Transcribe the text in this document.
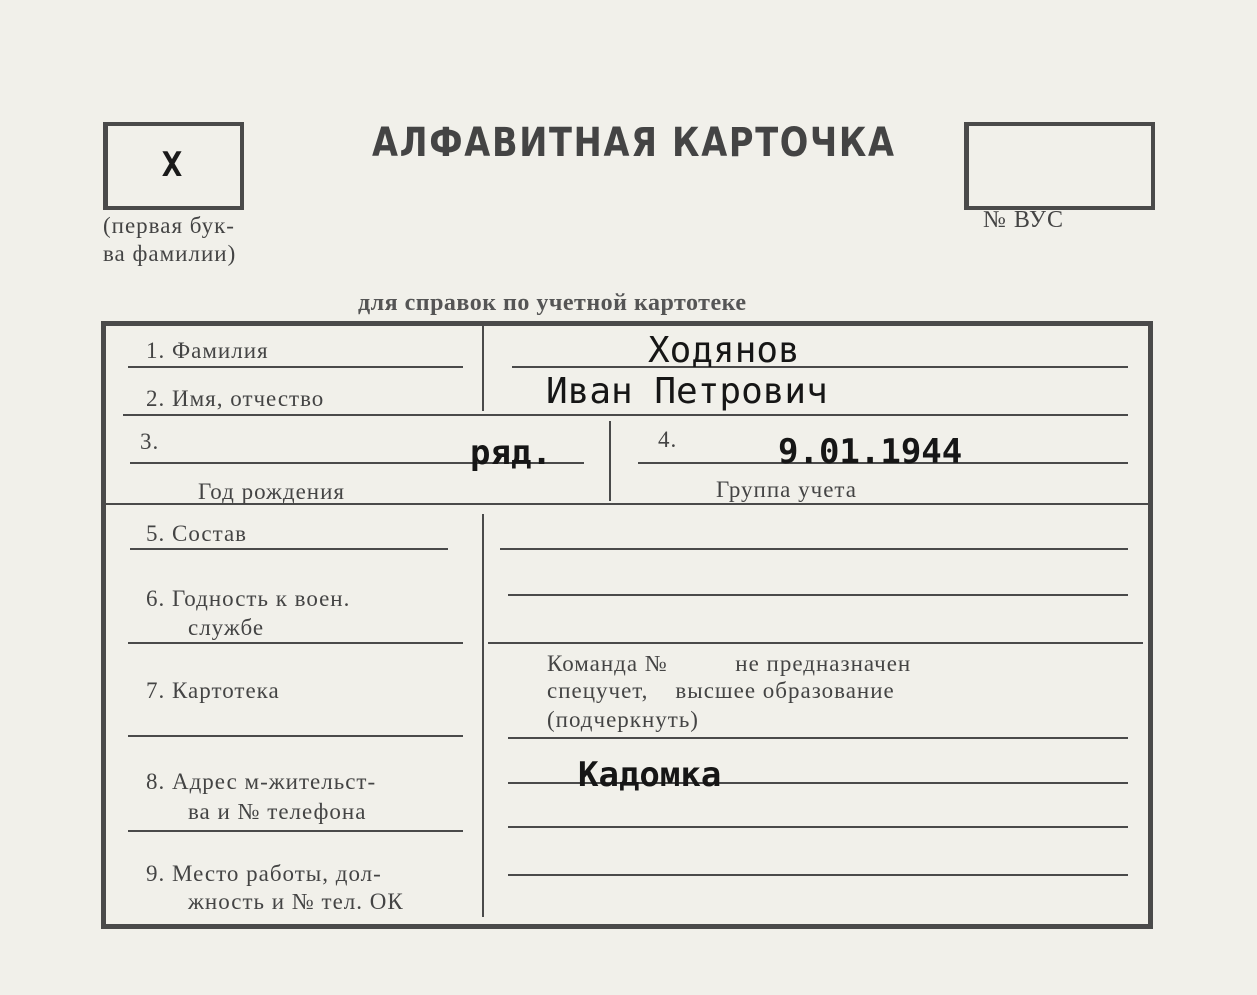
Х
(первая бук-
ва фамилии)
АЛФАВИТНАЯ КАРТОЧКА
№ ВУС
для справок по учетной картотеке
1. Фамилия	Ходянов
2. Имя, отчество	Иван Петрович
3.	ряд.
Год рождения
4.	9.01.1944
Группа учета
5. Состав
6. Годность к воен.
службе
7. Картотека
Команда №          не предназначен
спецучет,    высшее образование
(подчеркнуть)
8. Адрес м-жительст-
ва и № телефона
Кадомка
9. Место работы, дол-
жность и № тел. ОК
